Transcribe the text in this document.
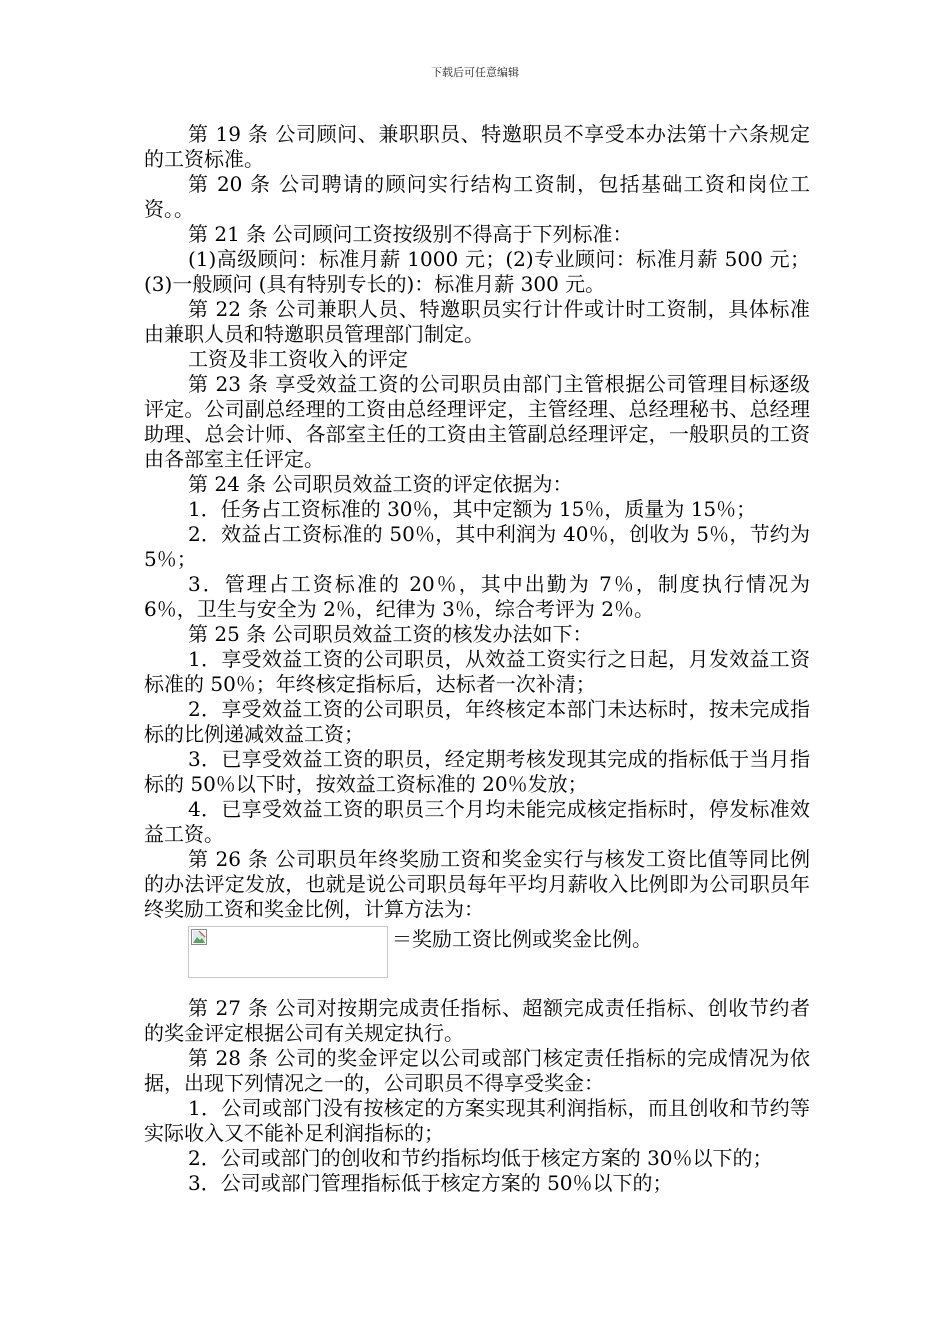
下载后可任意编辑

第 19 条 公司顾问、兼职职员、特邀职员不享受本办法第十六条规定的工资标准。

第 20 条 公司聘请的顾问实行结构工资制，包括基础工资和岗位工资。。

第 21 条 公司顾问工资按级别不得高于下列标准：

(1)高级顾问：标准月薪 1000 元；(2)专业顾问：标准月薪 500 元；(3)一般顾问 (具有特别专长的)：标准月薪 300 元。

第 22 条 公司兼职人员、特邀职员实行计件或计时工资制，具体标准由兼职人员和特邀职员管理部门制定。

工资及非工资收入的评定

第 23 条 享受效益工资的公司职员由部门主管根据公司管理目标逐级评定。公司副总经理的工资由总经理评定，主管经理、总经理秘书、总经理助理、总会计师、各部室主任的工资由主管副总经理评定，一般职员的工资由各部室主任评定。

第 24 条 公司职员效益工资的评定依据为：

1．任务占工资标准的 30％，其中定额为 15％，质量为 15％；

2．效益占工资标准的 50％，其中利润为 40％，创收为 5％，节约为 5％；

3．管理占工资标准的 20％，其中出勤为 7％，制度执行情况为 6％，卫生与安全为 2％，纪律为 3％，综合考评为 2％。

第 25 条 公司职员效益工资的核发办法如下：

1．享受效益工资的公司职员，从效益工资实行之日起，月发效益工资标准的 50％；年终核定指标后，达标者一次补清；

2．享受效益工资的公司职员，年终核定本部门未达标时，按未完成指标的比例递减效益工资；

3．已享受效益工资的职员，经定期考核发现其完成的指标低于当月指标的 50％以下时，按效益工资标准的 20％发放；

4．已享受效益工资的职员三个月均未能完成核定指标时，停发标准效益工资。

第 26 条 公司职员年终奖励工资和奖金实行与核发工资比值等同比例的办法评定发放，也就是说公司职员每年平均月薪收入比例即为公司职员年终奖励工资和奖金比例，计算方法为：

＝奖励工资比例或奖金比例。

第 27 条 公司对按期完成责任指标、超额完成责任指标、创收节约者的奖金评定根据公司有关规定执行。

第 28 条 公司的奖金评定以公司或部门核定责任指标的完成情况为依据，出现下列情况之一的，公司职员不得享受奖金：

1．公司或部门没有按核定的方案实现其利润指标，而且创收和节约等实际收入又不能补足利润指标的；

2．公司或部门的创收和节约指标均低于核定方案的 30％以下的；

3．公司或部门管理指标低于核定方案的 50％以下的；
